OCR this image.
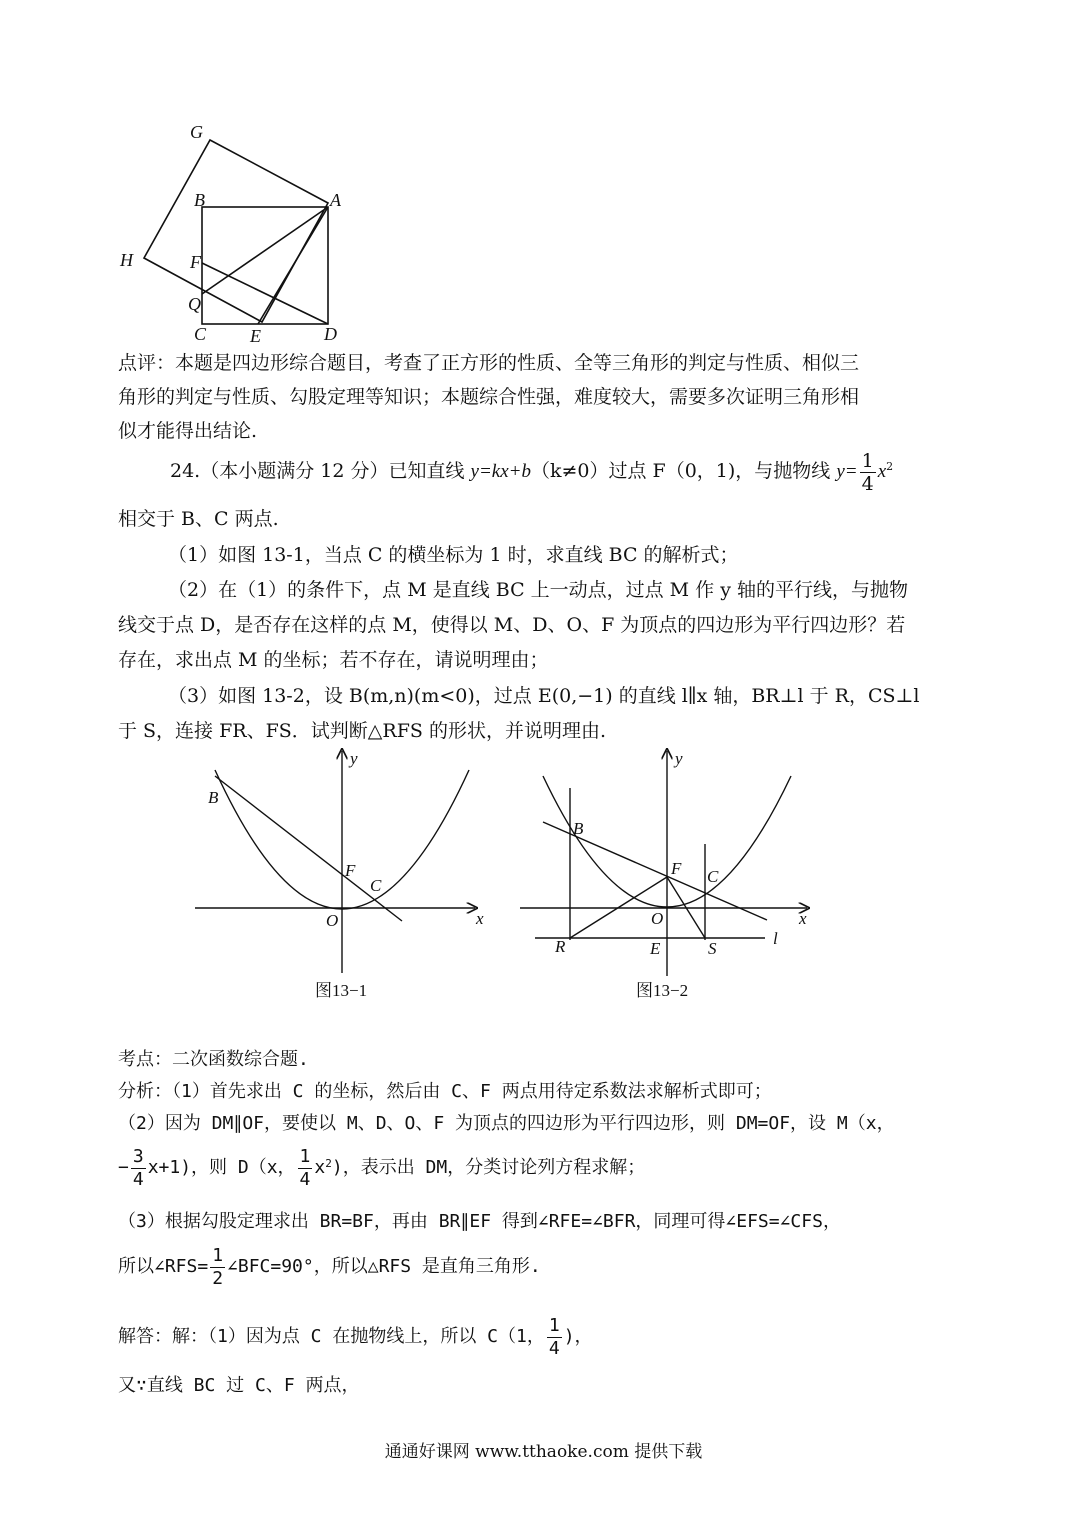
G
B	A
H	F
Q
C E	D
点评：本题是四边形综合题目，考查了正方形的性质、全等三角形的判定与性质、相似三
角形的判定与性质、勾股定理等知识；本题综合性强，难度较大，需要多次证明三角形相
似才能得出结论.
24.（本小题满分 12 分）已知直线 y=kx+b（k≠0）过点 F（0，1)，与抛物线 $y= \frac{1}{4} x^2$
相交于 B、C 两点.
（1）如图 13-1，当点 C 的横坐标为 1 时，求直线 BC 的解析式；
（2）在（1）的条件下，点 M 是直线 BC 上一动点，过点 M 作 y 轴的平行线，与抛物
线交于点 D，是否存在这样的点 M，使得以 M、D、O、F 为顶点的四边形为平行四边形？若
存在，求出点 M 的坐标；若不存在，请说明理由；
（3）如图 13-2，设 B(m,n)(m<0)，过点 E(0,−1) 的直线 l∥x 轴，BR⊥l 于 R，CS⊥l
于 S，连接 FR、FS．试判断△RFS 的形状，并说明理由.
y
x
B
F
C
O
图13−1
y
x
B
F C
O
R	E	S
l
图13−2
考点：二次函数综合题.
分析：（1）首先求出 C 的坐标，然后由 C、F 两点用待定系数法求解析式即可；
（2）因为 DM∥OF，要使以 M、D、O、F 为顶点的四边形为平行四边形，则 DM=OF，设 M（x，
− $\frac{3}{4} x+1$)，则 D（x， $\frac{1}{4} x^2$)，表示出 DM，分类讨论列方程求解；
（3）根据勾股定理求出 BR=BF，再由 BR∥EF 得到∠RFE=∠BFR，同理可得∠EFS=∠CFS，
所以∠RFS= $\frac{1}{2}$ ∠BFC=90°，所以△RFS 是直角三角形.
解答：解：（1）因为点 C 在抛物线上，所以 C（1， $\frac{1}{4}$ )，
又∵直线 BC 过 C、F 两点，
通通好课网 www.tthaoke.com 提供下载
